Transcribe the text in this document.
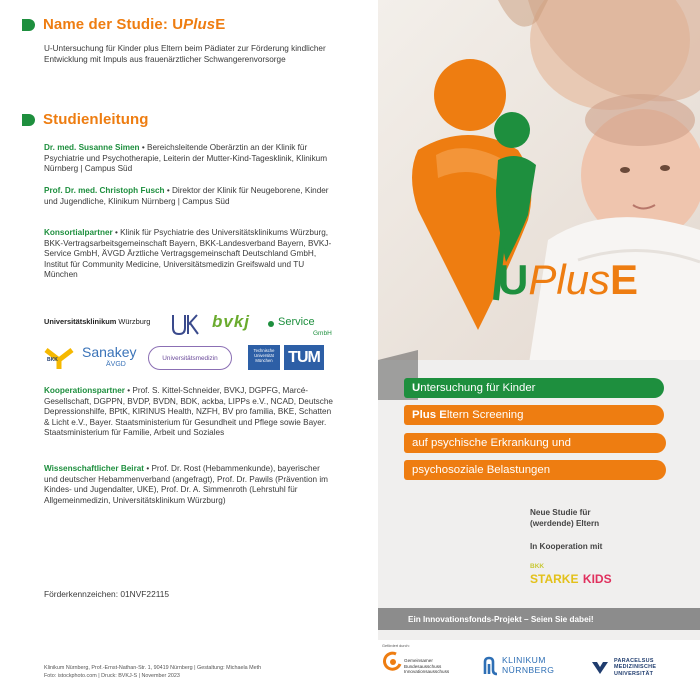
Name der Studie: UPlusE

U-Untersuchung für Kinder plus Eltern beim Pädiater zur Förderung kindlicher Entwicklung mit Impuls aus frauenärztlicher Schwangerenvorsorge

Studienleitung

Dr. med. Susanne Simen • Bereichsleitende Oberärztin an der Klinik für Psychiatrie und Psychotherapie, Leiterin der Mutter-Kind-Tagesklinik, Klinikum Nürnberg | Campus Süd

Prof. Dr. med. Christoph Fusch • Direktor der Klinik für Neugeborene, Kinder und Jugendliche, Klinikum Nürnberg | Campus Süd

Konsortialpartner • Klinik für Psychiatrie des Universitätsklinikums Würzburg, BKK-Vertragsarbeitsgemeinschaft Bayern, BKK-Landesverband Bayern, BVKJ-Service GmbH, ÄVGD Ärztliche Vertragsgemeinschaft Deutschland GmbH, Institut für Community Medicine, Universitätsmedizin Greifswald und TU München

Universitätsklinikum Würzburg	bvkj	Service
GmbH
BKK Sanakey
ÄVGD
Universitätsmedizin
Technische Universität München TUM

Kooperationspartner • Prof. S. Kittel-Schneider, BVKJ, DGPFG, Marcé-Gesellschaft, DGPPN, BVDP, BVDN, BDK, ackba, LIPPs e.V., NCAD, Deutsche Depressionshilfe, BPtK, KIRINUS Health, NZFH, BV pro familia, BKE, Schatten & Licht e.V., Bayer. Staatsministerium für Gesundheit und Pflege sowie Bayer. Staatsministerium für Familie, Arbeit und Soziales

Wissenschaftlicher Beirat • Prof. Dr. Rost (Hebammenkunde), bayerischer und deutscher Hebammenverband (angefragt), Prof. Dr. Pawils (Prävention im Kindes- und Jugendalter, UKE), Prof. Dr. A. Simmenroth (Lehrstuhl für Allgemeinmedizin, Universitätsklinikum Würzburg)

Förderkennzeichen: 01NVF22115

Klinikum Nürnberg, Prof.-Ernst-Nathan-Str. 1, 90419 Nürnberg | Gestaltung: Michaela Meth
Foto: istockphoto.com | Druck: BVKJ-S | November 2023
UPlusE
U ntersuchung für Kinder
Plus E ltern Screening
auf psychische Erkrankung und
psychosoziale Belastungen
Neue Studie für
(werdende) Eltern
In Kooperation mit
BKK
STARKE KIDS
Ein Innovationsfonds-Projekt – Seien Sie dabei!
Gefördert durch:
Gemeinsamer
Bundesausschuss
Innovationsausschuss
KLINIKUM
NÜRNBERG
PARACELSUS
MEDIZINISCHE
UNIVERSITÄT
